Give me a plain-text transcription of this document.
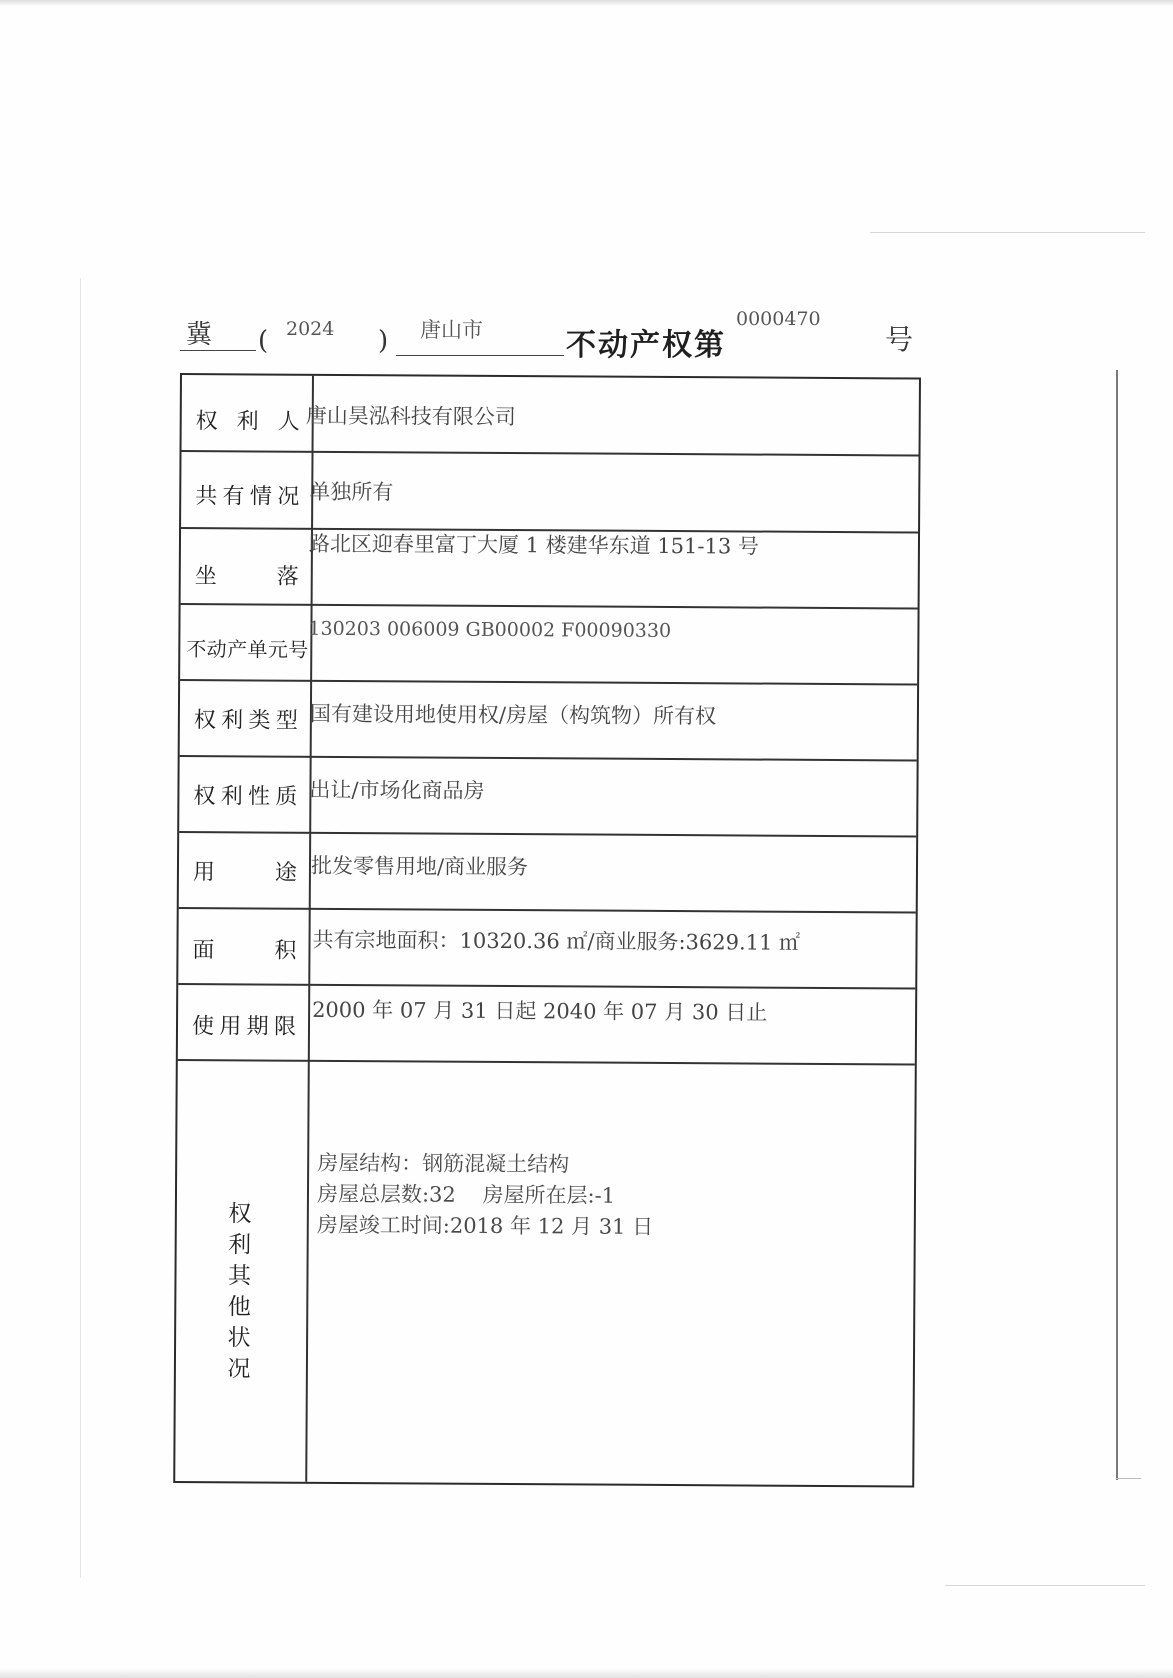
冀 ( 2024 ) 唐山市	不动产权第
0000470
号
权 利 人 唐山昊泓科技有限公司
共有情况 单独所有
坐 落
路北区迎春里富丁大厦 1 楼建华东道 151-13 号
不动产单元号
130203 006009 GB00002 F00090330
权利类型 国有建设用地使用权/房屋（构筑物）所有权
权利性质 出让/市场化商品房
用 途 批发零售用地/商业服务
面 积 共有宗地面积：10320.36 ㎡/商业服务:3629.11 ㎡
使用期限
2000 年 07 月 31 日起 2040 年 07 月 30 日止
权利其他状况
房屋结构：钢筋混凝土结构
房屋总层数:32    房屋所在层:-1
房屋竣工时间:2018 年 12 月 31 日
